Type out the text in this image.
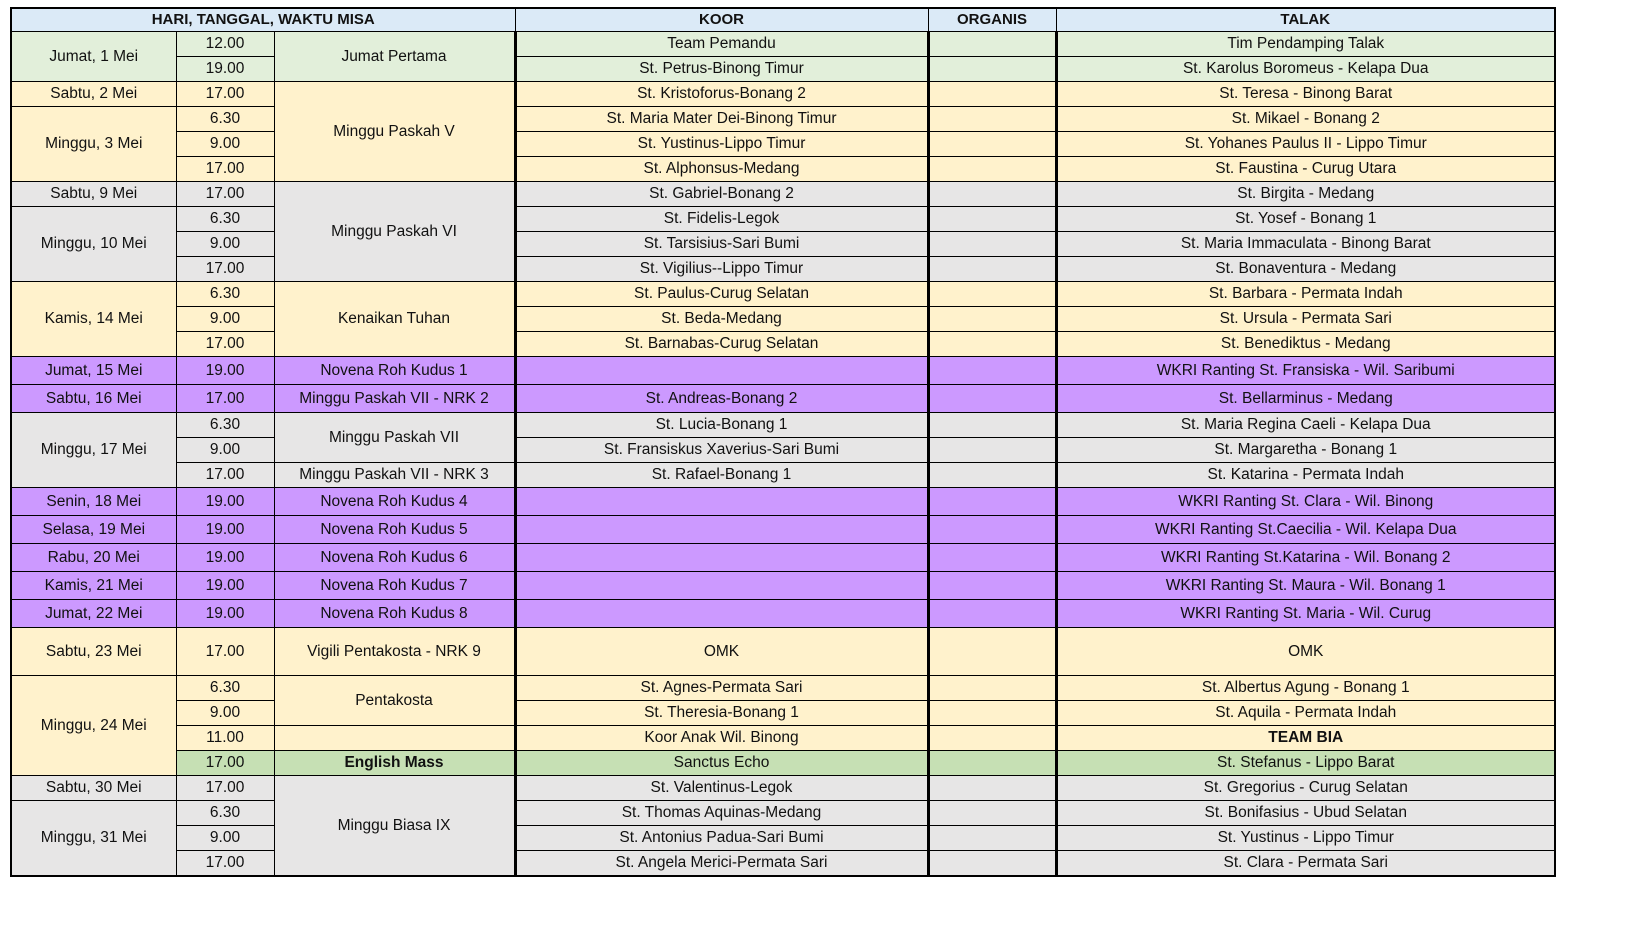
HARI, TANGGAL, WAKTU MISA			KOOR	ORGANIS	TALAK
Jumat, 1 Mei	12.00	Jumat Pertama	Team Pemandu		Tim Pendamping Talak
	19.00		St. Petrus-Binong Timur		St. Karolus Boromeus - Kelapa Dua
Sabtu, 2 Mei	17.00	Minggu Paskah V	St. Kristoforus-Bonang 2		St. Teresa - Binong Barat
Minggu, 3 Mei	6.30		St. Maria Mater Dei-Binong Timur		St. Mikael - Bonang 2
	9.00		St. Yustinus-Lippo Timur		St. Yohanes Paulus II - Lippo Timur
	17.00		St. Alphonsus-Medang		St. Faustina - Curug Utara
Sabtu, 9 Mei	17.00	Minggu Paskah VI	St. Gabriel-Bonang 2		St. Birgita - Medang
Minggu, 10 Mei	6.30		St. Fidelis-Legok		St. Yosef - Bonang 1
	9.00		St. Tarsisius-Sari Bumi		St. Maria Immaculata - Binong Barat
	17.00		St. Vigilius--Lippo Timur		St. Bonaventura - Medang
Kamis, 14 Mei	6.30	Kenaikan Tuhan	St. Paulus-Curug Selatan		St. Barbara - Permata Indah
	9.00		St. Beda-Medang		St. Ursula - Permata Sari
	17.00		St. Barnabas-Curug Selatan		St. Benediktus - Medang
Jumat, 15 Mei	19.00	Novena Roh Kudus 1			WKRI Ranting St. Fransiska - Wil. Saribumi
Sabtu, 16 Mei	17.00	Minggu Paskah VII - NRK 2	St. Andreas-Bonang 2		St. Bellarminus - Medang
Minggu, 17 Mei	6.30	Minggu Paskah VII	St. Lucia-Bonang 1		St. Maria Regina Caeli - Kelapa Dua
	9.00		St. Fransiskus Xaverius-Sari Bumi		St. Margaretha - Bonang 1
	17.00	Minggu Paskah VII - NRK 3	St. Rafael-Bonang 1		St. Katarina - Permata Indah
Senin, 18 Mei	19.00	Novena Roh Kudus 4			WKRI Ranting St. Clara - Wil. Binong
Selasa, 19 Mei	19.00	Novena Roh Kudus 5			WKRI Ranting St.Caecilia - Wil. Kelapa Dua
Rabu, 20 Mei	19.00	Novena Roh Kudus 6			WKRI Ranting St.Katarina - Wil. Bonang 2
Kamis, 21 Mei	19.00	Novena Roh Kudus 7			WKRI Ranting St. Maura - Wil. Bonang 1
Jumat, 22 Mei	19.00	Novena Roh Kudus 8			WKRI Ranting St. Maria - Wil. Curug
Sabtu, 23 Mei	17.00	Vigili Pentakosta - NRK 9	OMK		OMK
Minggu, 24 Mei	6.30	Pentakosta	St. Agnes-Permata Sari		St. Albertus Agung - Bonang 1
	9.00		St. Theresia-Bonang 1		St. Aquila - Permata Indah
	11.00		Koor Anak Wil. Binong		TEAM BIA
	17.00	English Mass	Sanctus Echo		St. Stefanus - Lippo Barat
Sabtu, 30 Mei	17.00	Minggu Biasa IX	St. Valentinus-Legok		St. Gregorius - Curug Selatan
Minggu, 31 Mei	6.30		St. Thomas Aquinas-Medang		St. Bonifasius - Ubud Selatan
	9.00		St. Antonius Padua-Sari Bumi		St. Yustinus - Lippo Timur
	17.00		St. Angela Merici-Permata Sari		St. Clara - Permata Sari
